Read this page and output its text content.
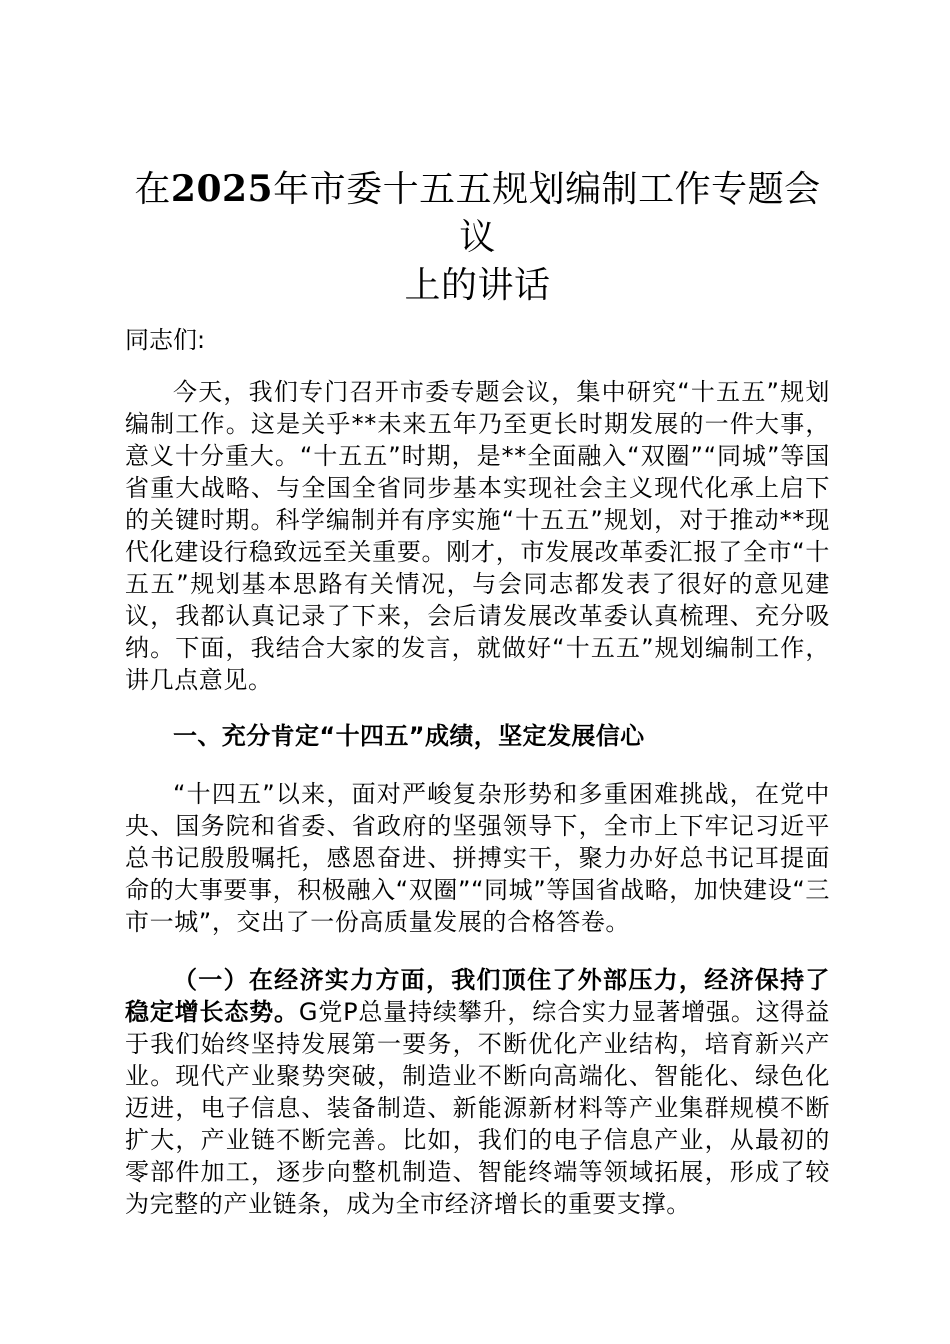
在2025年市委十五五规划编制工作专题会议
上的讲话

同志们:

今天，我们专门召开市委专题会议，集中研究“十五五”规划编制工作。这是关乎**未来五年乃至更长时期发展的一件大事，意义十分重大。“十五五”时期，是**全面融入“双圈”“同城”等国省重大战略、与全国全省同步基本实现社会主义现代化承上启下的关键时期。科学编制并有序实施“十五五”规划，对于推动**现代化建设行稳致远至关重要。刚才，市发展改革委汇报了全市“十五五”规划基本思路有关情况，与会同志都发表了很好的意见建议，我都认真记录了下来，会后请发展改革委认真梳理、充分吸纳。下面，我结合大家的发言，就做好“十五五”规划编制工作，讲几点意见。

一、充分肯定“十四五”成绩，坚定发展信心

“十四五”以来，面对严峻复杂形势和多重困难挑战，在党中央、国务院和省委、省政府的坚强领导下，全市上下牢记习近平总书记殷殷嘱托，感恩奋进、拼搏实干，聚力办好总书记耳提面命的大事要事，积极融入“双圈”“同城”等国省战略，加快建设“三市一城”，交出了一份高质量发展的合格答卷。

（一）在经济实力方面，我们顶住了外部压力，经济保持了稳定增长态势。G党P总量持续攀升，综合实力显著增强。这得益于我们始终坚持发展第一要务，不断优化产业结构，培育新兴产业。现代产业聚势突破，制造业不断向高端化、智能化、绿色化迈进，电子信息、装备制造、新能源新材料等产业集群规模不断扩大，产业链不断完善。比如，我们的电子信息产业，从最初的零部件加工，逐步向整机制造、智能终端等领域拓展，形成了较为完整的产业链条，成为全市经济增长的重要支撑。
